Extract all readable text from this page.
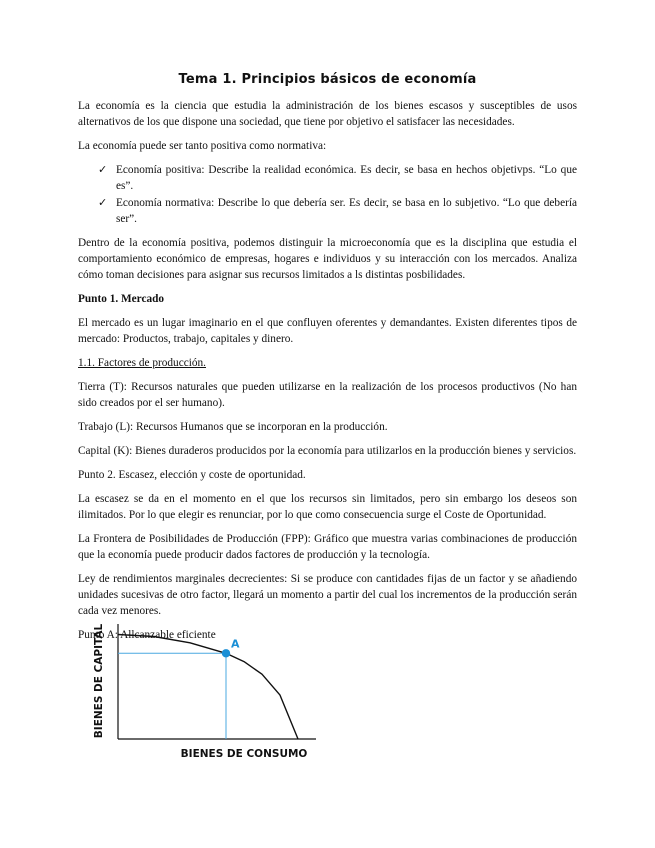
Tema 1. Principios básicos de economía

La economía es la ciencia que estudia la administración de los bienes escasos y susceptibles de usos alternativos de los que dispone una sociedad, que tiene por objetivo el satisfacer las necesidades.

La economía puede ser tanto positiva como normativa:

✓ Economía positiva: Describe la realidad económica. Es decir, se basa en hechos objetivps. “Lo que es”.
✓ Economía normativa: Describe lo que debería ser. Es decir, se basa en lo subjetivo. “Lo que debería ser”.

Dentro de la economía positiva, podemos distinguir la microeconomía que es la disciplina que estudia el comportamiento económico de empresas, hogares e individuos y su interacción con los mercados. Analiza cómo toman decisiones para asignar sus recursos limitados a ls distintas posbilidades.

Punto 1. Mercado

El mercado es un lugar imaginario en el que confluyen oferentes y demandantes. Existen diferentes tipos de mercado: Productos, trabajo, capitales y dinero.

1.1. Factores de producción.

Tierra (T): Recursos naturales que pueden utilizarse en la realización de los procesos productivos (No han sido creados por el ser humano).

Trabajo (L): Recursos Humanos que se incorporan en la producción.

Capital (K): Bienes duraderos producidos por la economía para utilizarlos en la producción bienes y servicios.

Punto 2. Escasez, elección y coste de oportunidad.

La escasez se da en el momento en el que los recursos sin limitados, pero sin embargo los deseos son ilimitados. Por lo que elegir es renunciar, por lo que como consecuencia surge el Coste de Oportunidad.

La Frontera de Posibilidades de Producción (FPP): Gráfico que muestra varias combinaciones de producción que la economía puede producir dados factores de producción y la tecnología.

Ley de rendimientos marginales decrecientes: Si se produce con cantidades fijas de un factor y se añadiendo unidades sucesivas de otro factor, llegará un momento a partir del cual los incrementos de la producción serán cada vez menores.

Punto A: Allcanzable eficiente

BIENES DE CAPITAL
BIENES DE CONSUMO
A
